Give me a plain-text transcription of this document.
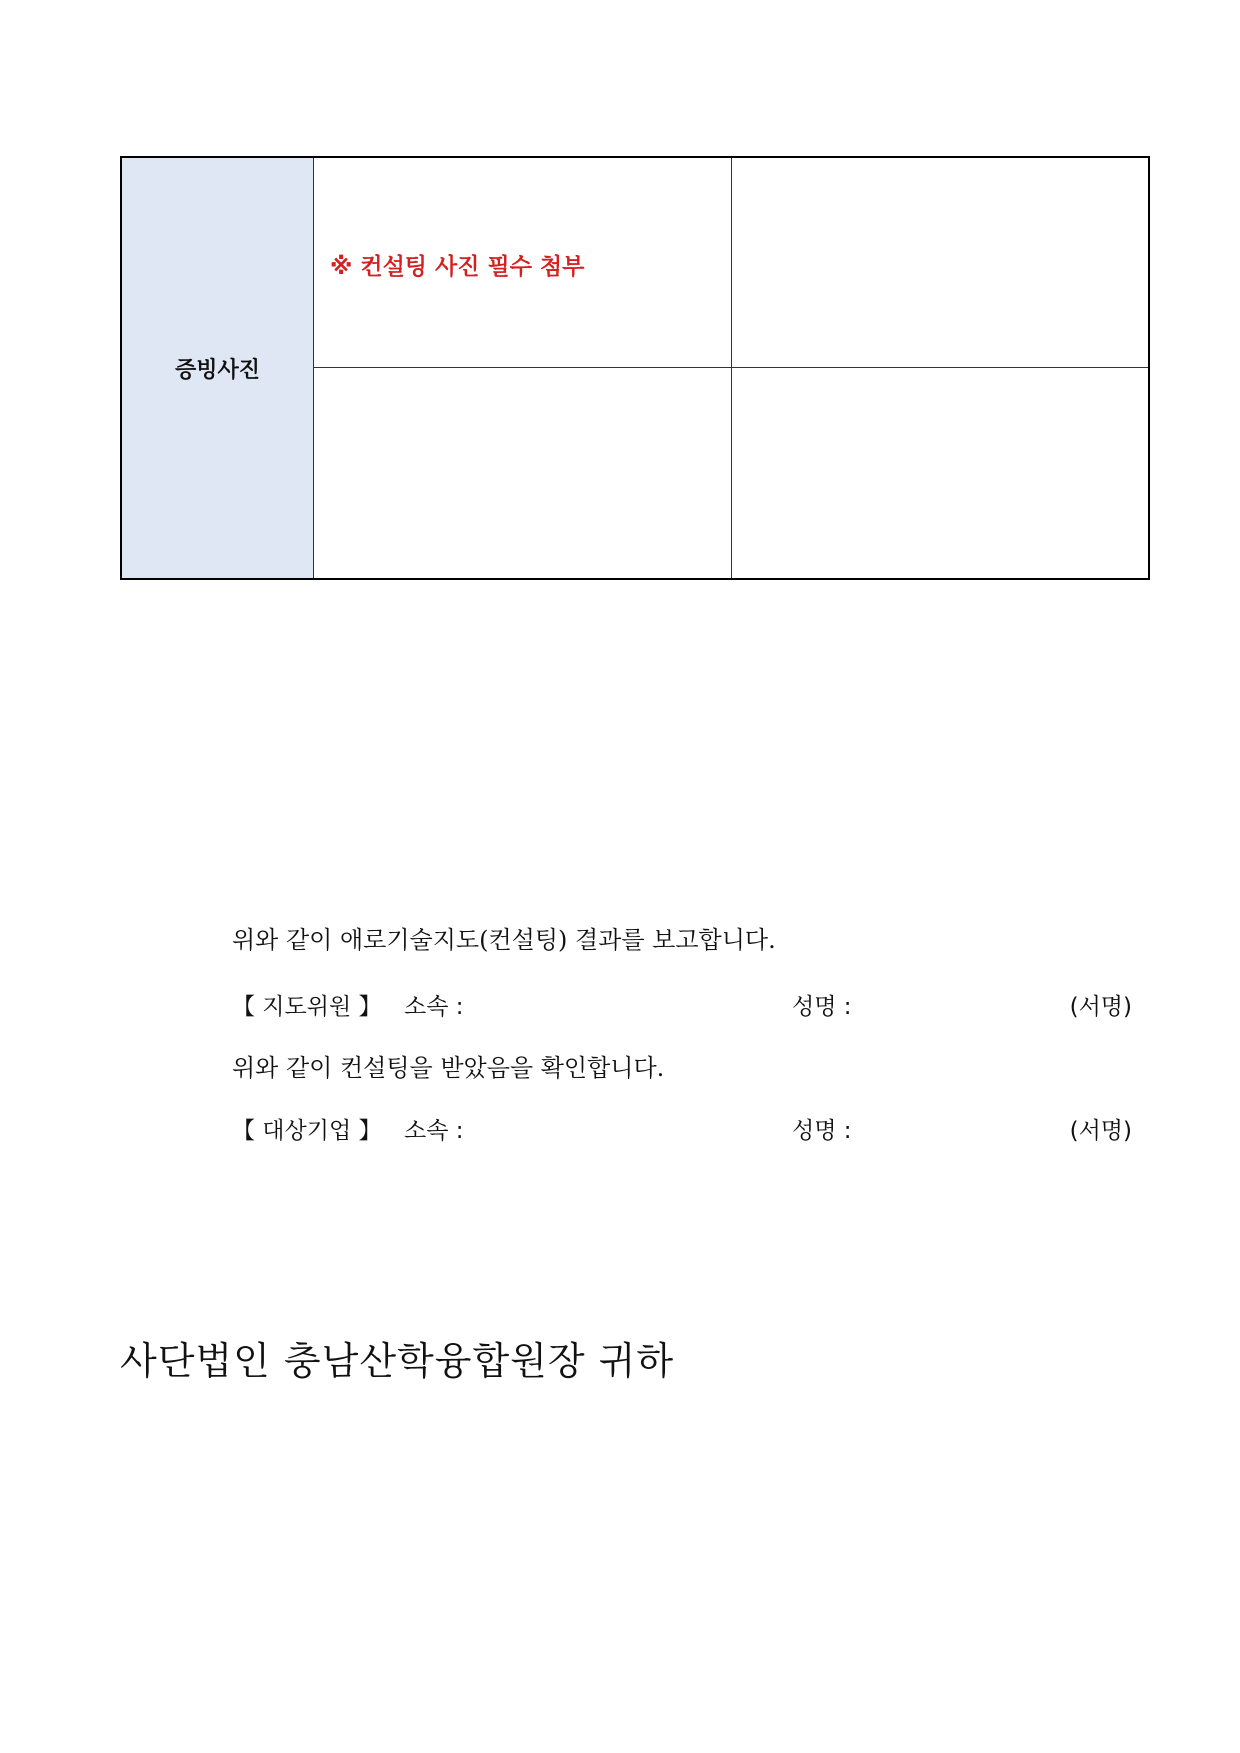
증빙사진
※ 컨설팅 사진 필수 첨부
위와 같이 애로기술지도(컨설팅) 결과를 보고합니다.
【 지도위원 】 소속 :	성명 :	(서명)
위와 같이 컨설팅을 받았음을 확인합니다.
【 대상기업 】 소속 :	성명 :	(서명)
사단법인 충남산학융합원장 귀하
